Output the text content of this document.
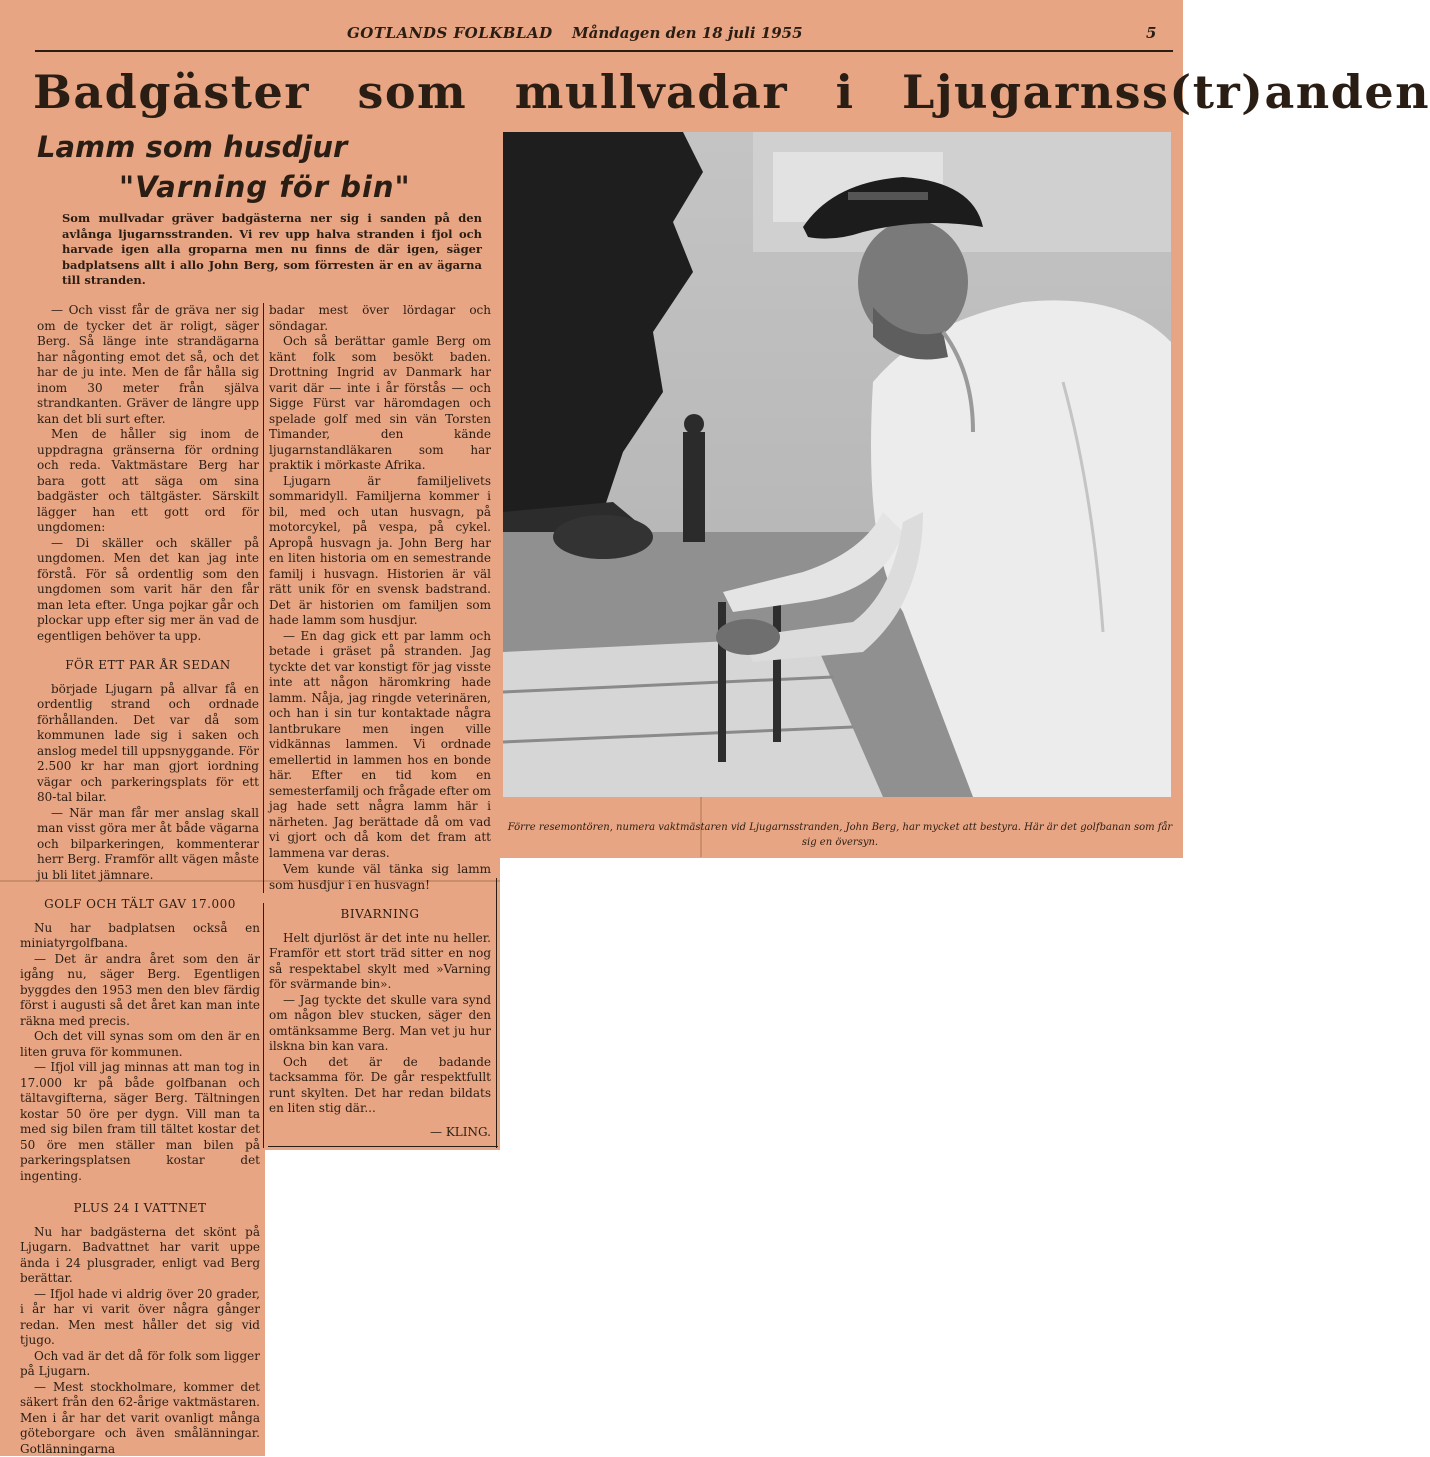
GOTLANDS FOLKBLAD Måndagen den 18 juli 1955	5
Badgäster som mullvadar i Ljugarnss(tr)anden
Lamm som husdjur
"Varning för bin"
Som mullvadar gräver badgästerna ner sig i sanden på den avlånga ljugarnsstranden. Vi rev upp halva stranden i fjol och harvade igen alla groparna men nu finns de där igen, säger badplatsens allt i allo John Berg, som förresten är en av ägarna till stranden.

— Och visst får de gräva ner sig om de tycker det är roligt, säger Berg. Så länge inte strandägarna har någonting emot det så, och det har de ju inte. Men de får hålla sig inom 30 meter från själva strandkanten. Gräver de längre upp kan det bli surt efter.

Men de håller sig inom de uppdragna gränserna för ordning och reda. Vaktmästare Berg har bara gott att säga om sina badgäster och tältgäster. Särskilt lägger han ett gott ord för ungdomen:

— Di skäller och skäller på ungdomen. Men det kan jag inte förstå. För så ordentlig som den ungdomen som varit här den får man leta efter. Unga pojkar går och plockar upp efter sig mer än vad de egentligen behöver ta upp.

FÖR ETT PAR ÅR SEDAN

började Ljugarn på allvar få en ordentlig strand och ordnade förhållanden. Det var då som kommunen lade sig i saken och anslog medel till uppsnyggande. För 2.500 kr har man gjort iordning vägar och parkeringsplats för ett 80-tal bilar.

— När man får mer anslag skall man visst göra mer åt både vägarna och bilparkeringen, kommenterar herr Berg. Framför allt vägen måste ju bli litet jämnare.

GOLF OCH TÄLT GAV 17.000

Nu har badplatsen också en miniatyrgolfbana.

— Det är andra året som den är igång nu, säger Berg. Egentligen byggdes den 1953 men den blev färdig först i augusti så det året kan man inte räkna med precis.

Och det vill synas som om den är en liten gruva för kommunen.

— Ifjol vill jag minnas att man tog in 17.000 kr på både golfbanan och tältavgifterna, säger Berg. Tältningen kostar 50 öre per dygn. Vill man ta med sig bilen fram till tältet kostar det 50 öre men ställer man bilen på parkeringsplatsen kostar det ingenting.

PLUS 24 I VATTNET

Nu har badgästerna det skönt på Ljugarn. Badvattnet har varit uppe ända i 24 plusgrader, enligt vad Berg berättar.

— Ifjol hade vi aldrig över 20 grader, i år har vi varit över några gånger redan. Men mest håller det sig vid tjugo.

Och vad är det då för folk som ligger på Ljugarn.

— Mest stockholmare, kommer det säkert från den 62-årige vaktmästaren. Men i år har det varit ovanligt många göteborgare och även smålänningar. Gotlänningarna

badar mest över lördagar och söndagar.

Och så berättar gamle Berg om känt folk som besökt baden. Drottning Ingrid av Danmark har varit där — inte i år förstås — och Sigge Fürst var häromdagen och spelade golf med sin vän Torsten Timander, den kände ljugarnstandläkaren som har praktik i mörkaste Afrika.

Ljugarn är familjelivets sommaridyll. Familjerna kommer i bil, med och utan husvagn, på motorcykel, på vespa, på cykel. Apropå husvagn ja. John Berg har en liten historia om en semestrande familj i husvagn. Historien är väl rätt unik för en svensk badstrand. Det är historien om familjen som hade lamm som husdjur.

— En dag gick ett par lamm och betade i gräset på stranden. Jag tyckte det var konstigt för jag visste inte att någon häromkring hade lamm. Nåja, jag ringde veterinären, och han i sin tur kontaktade några lantbrukare men ingen ville vidkännas lammen. Vi ordnade emellertid in lammen hos en bonde här. Efter en tid kom en semesterfamilj och frågade efter om jag hade sett några lamm här i närheten. Jag berättade då om vad vi gjort och då kom det fram att lammena var deras.

Vem kunde väl tänka sig lamm som husdjur i en husvagn!

BIVARNING

Helt djurlöst är det inte nu heller. Framför ett stort träd sitter en nog så respektabel skylt med »Varning för svärmande bin».

— Jag tyckte det skulle vara synd om någon blev stucken, säger den omtänksamme Berg. Man vet ju hur ilskna bin kan vara.

Och det är de badande tacksamma för. De går respektfullt runt skylten. Det har redan bildats en liten stig där...

— KLING.

Förre resemontören, numera vaktmästaren vid Ljugarnsstranden, John Berg, har mycket att bestyra. Här är det golfbanan som får sig en översyn.
